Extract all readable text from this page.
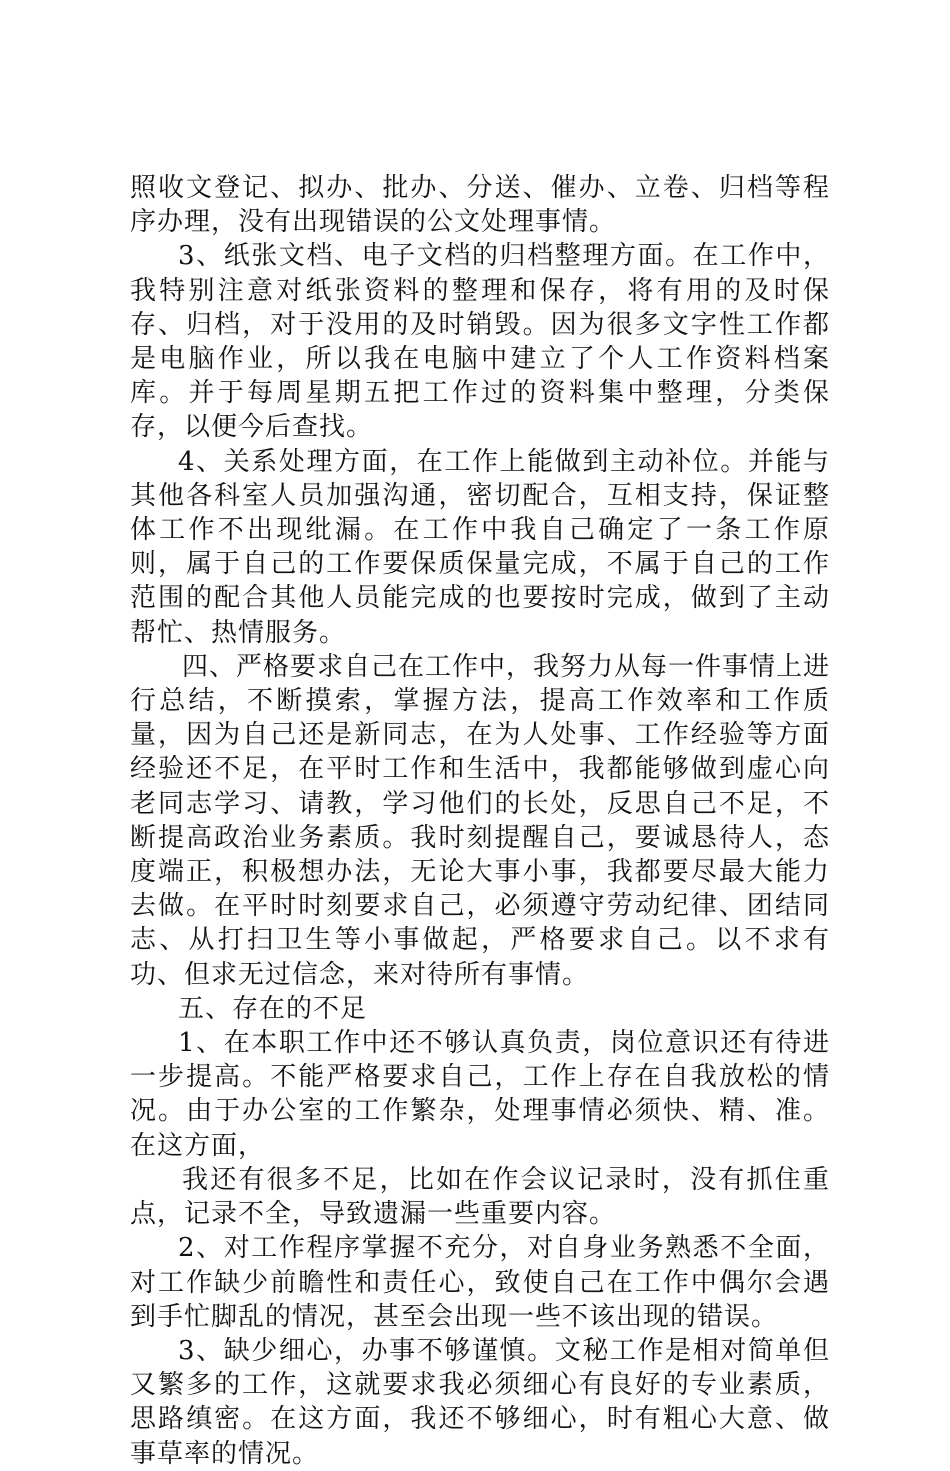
照收文登记、拟办、批办、分送、催办、立卷、归档等程序办理，没有出现错误的公文处理事情。

3、纸张文档、电子文档的归档整理方面。在工作中，我特别注意对纸张资料的整理和保存，将有用的及时保存、归档，对于没用的及时销毁。因为很多文字性工作都是电脑作业，所以我在电脑中建立了个人工作资料档案库。并于每周星期五把工作过的资料集中整理，分类保存，以便今后查找。

4、关系处理方面，在工作上能做到主动补位。并能与其他各科室人员加强沟通，密切配合，互相支持，保证整体工作不出现纰漏。在工作中我自己确定了一条工作原则，属于自己的工作要保质保量完成，不属于自己的工作范围的配合其他人员能完成的也要按时完成，做到了主动帮忙、热情服务。

四、严格要求自己在工作中，我努力从每一件事情上进行总结，不断摸索，掌握方法，提高工作效率和工作质量，因为自己还是新同志，在为人处事、工作经验等方面经验还不足，在平时工作和生活中，我都能够做到虚心向老同志学习、请教，学习他们的长处，反思自己不足，不断提高政治业务素质。我时刻提醒自己，要诚恳待人，态度端正，积极想办法，无论大事小事，我都要尽最大能力去做。在平时时刻要求自己，必须遵守劳动纪律、团结同志、从打扫卫生等小事做起，严格要求自己。以不求有功、但求无过信念，来对待所有事情。

五、存在的不足

1、在本职工作中还不够认真负责，岗位意识还有待进一步提高。不能严格要求自己，工作上存在自我放松的情况。由于办公室的工作繁杂，处理事情必须快、精、准。在这方面，

我还有很多不足，比如在作会议记录时，没有抓住重点，记录不全，导致遗漏一些重要内容。

2、对工作程序掌握不充分，对自身业务熟悉不全面，对工作缺少前瞻性和责任心，致使自己在工作中偶尔会遇到手忙脚乱的情况，甚至会出现一些不该出现的错误。

3、缺少细心，办事不够谨慎。文秘工作是相对简单但又繁多的工作，这就要求我必须细心有良好的专业素质，思路缜密。在这方面，我还不够细心，时有粗心大意、做事草率的情况。
